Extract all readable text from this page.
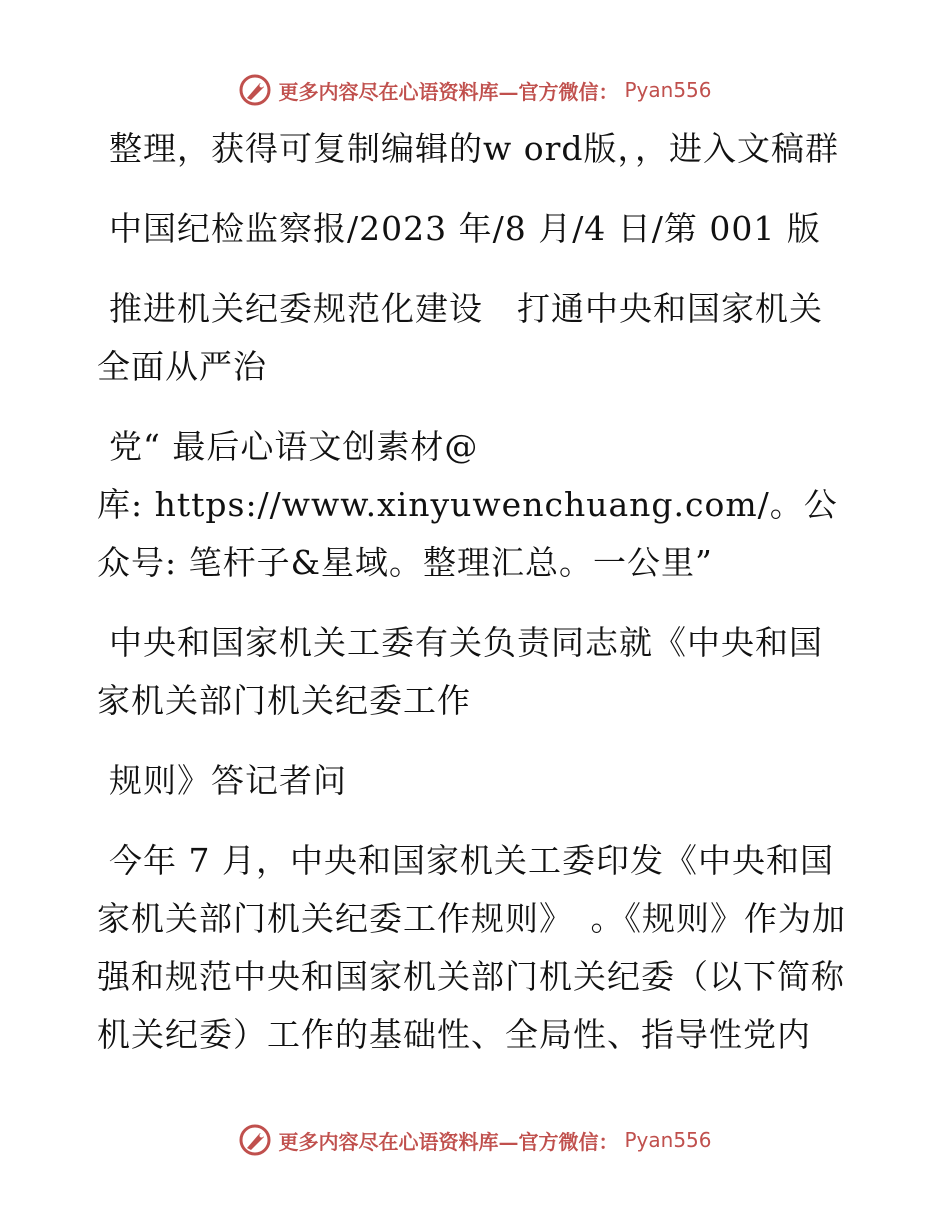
更多内容尽在心语资料库—官方微信： Pyan556

整理，获得可复制编辑的w ord版，，进入文稿群

中国纪检监察报/2023 年/8 月/4 日/第 001 版

推进机关纪委规范化建设　打通中央和国家机关全面从严治

党“ 最后心语文创素材@

库: https://www.xinyuwenchuang.com/。公众号: 笔杆子&星域。整理汇总。一公里”

中央和国家机关工委有关负责同志就《中央和国家机关部门机关纪委工作

规则》答记者问

今年 7 月，中央和国家机关工委印发《中央和国家机关部门机关纪委工作规则》　。《规则》作为加强和规范中央和国家机关部门机关纪委（以下简称机关纪委）工作的基础性、全局性、指导性党内

更多内容尽在心语资料库—官方微信： Pyan556
